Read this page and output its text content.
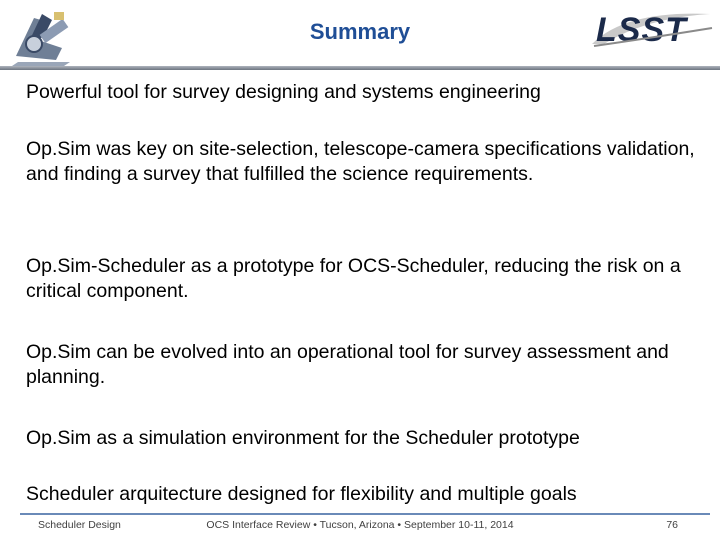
Summary	LSST

Powerful tool for survey designing and systems engineering

Op.Sim was key on site-selection, telescope-camera specifications validation, and finding a survey that fulfilled the science requirements.

Op.Sim-Scheduler as a prototype for OCS-Scheduler, reducing the risk on a critical component.

Op.Sim can be evolved into an operational tool for survey assessment and planning.

Op.Sim as a simulation environment for the Scheduler prototype

Scheduler arquitecture designed for flexibility and multiple goals

Scheduler Design	OCS Interface Review • Tucson, Arizona • September 10-11, 2014	76
